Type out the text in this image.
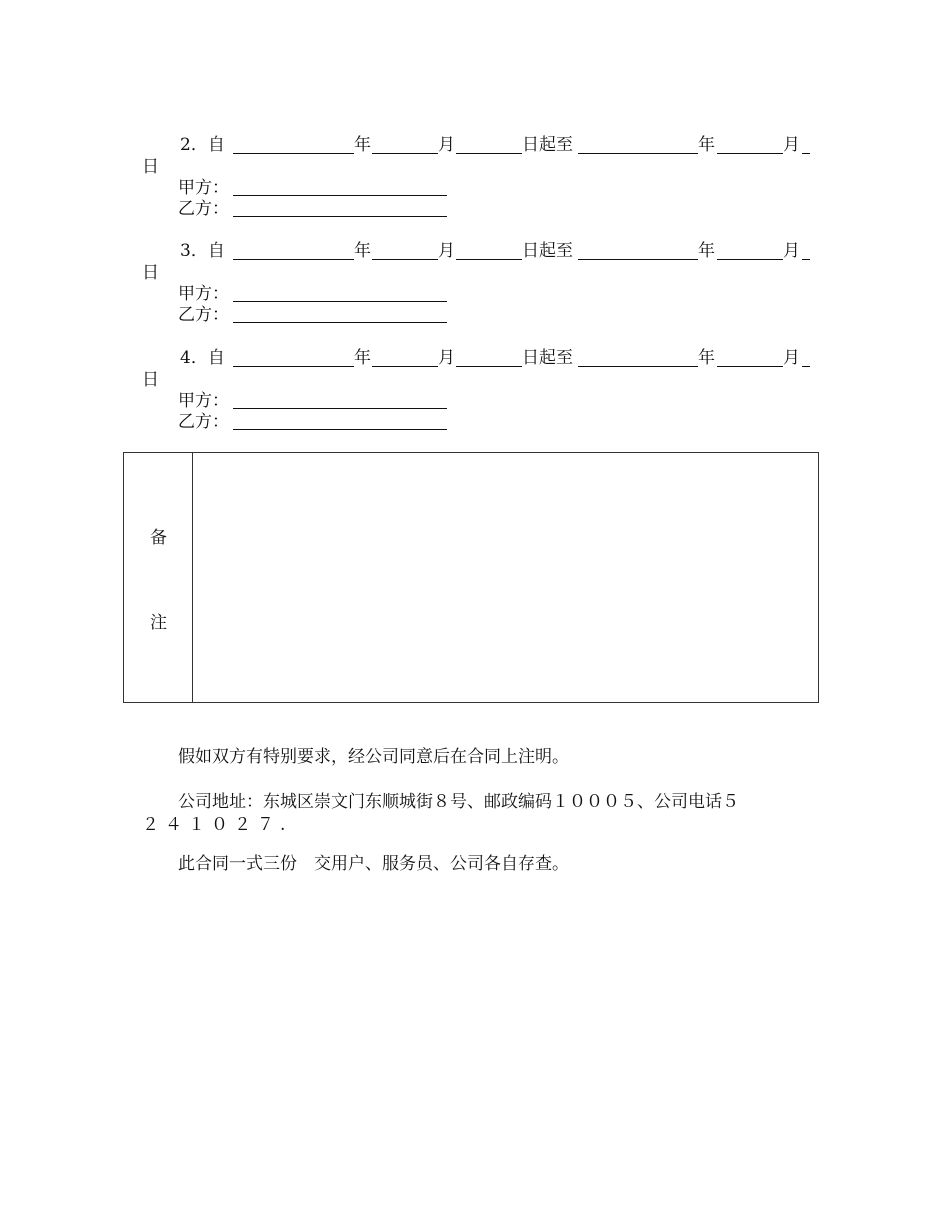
2．自	年	月	日起至	年	月
日
甲方：
乙方：
3．自	年	月	日起至	年	月
日
甲方：
乙方：
4．自	年	月	日起至	年	月
日
甲方：
乙方：
备
注
假如双方有特别要求，经公司同意后在合同上注明。
公司地址：东城区崇文门东顺城街８号、邮政编码１０００５、公司电话５
２４１０２７.
此合同一式三份　交用户、服务员、公司各自存查。
